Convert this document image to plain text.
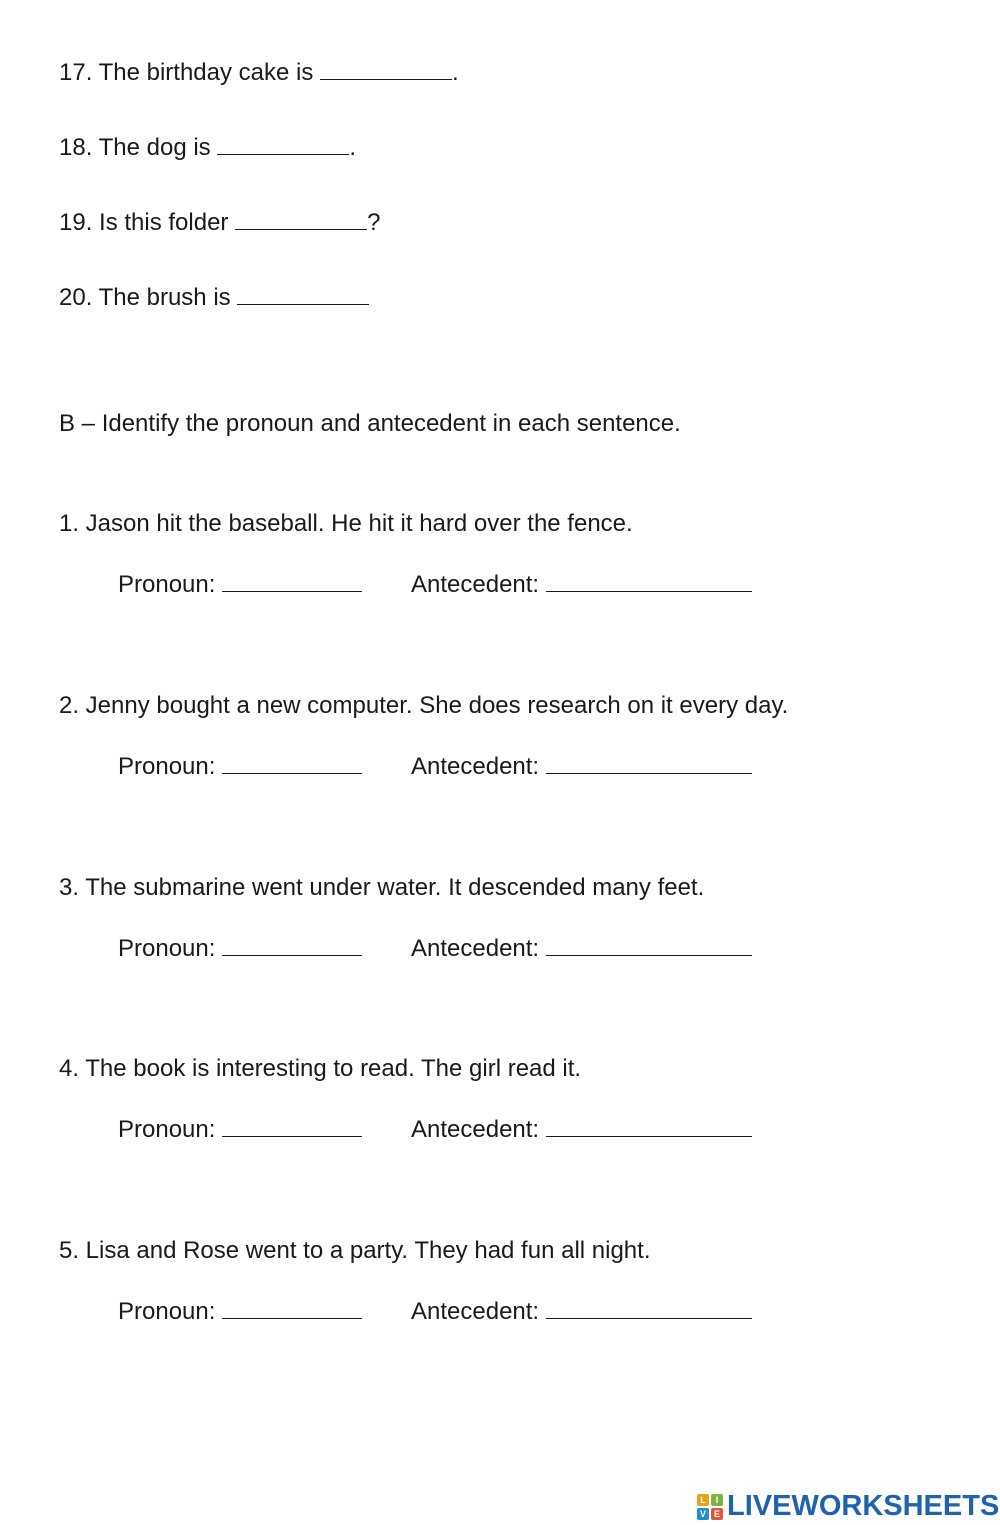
17. The birthday cake is	.

18. The dog is	.

19. Is this folder	?

20. The brush is

B – Identify the pronoun and antecedent in each sentence.

1. Jason hit the baseball. He hit it hard over the fence.

Pronoun:	Antecedent:

2. Jenny bought a new computer. She does research on it every day.

Pronoun:	Antecedent:

3. The submarine went under water. It descended many feet.

Pronoun:	Antecedent:

4. The book is interesting to read. The girl read it.

Pronoun:	Antecedent:

5. Lisa and Rose went to a party. They had fun all night.

Pronoun:	Antecedent:
L	I
V E LIVEWORKSHEETS
